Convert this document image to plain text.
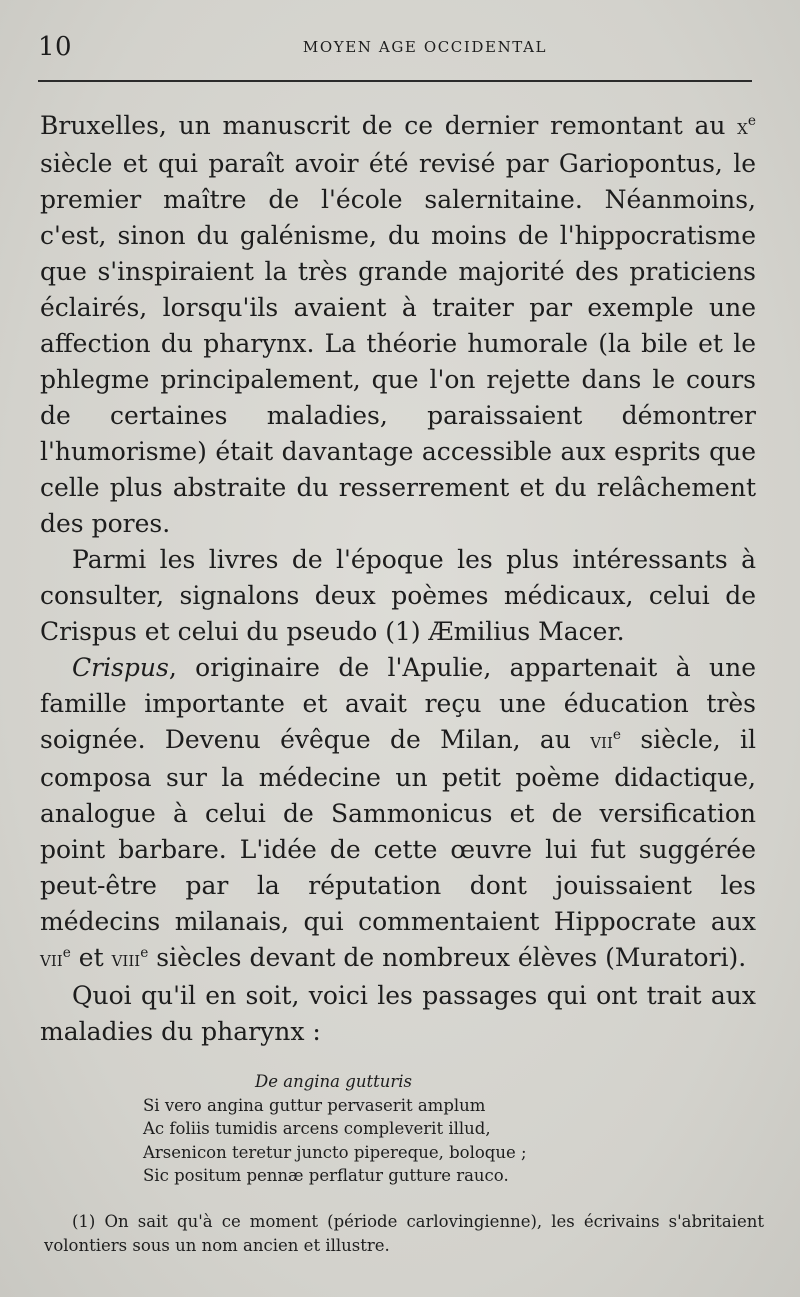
10	MOYEN AGE OCCIDENTAL

Bruxelles, un manuscrit de ce dernier remontant au $x^e$ siècle et qui paraît avoir été revisé par Gariopontus, le premier maître de l'école salernitaine. Néanmoins, c'est, sinon du galénisme, du moins de l'hippocratisme que s'inspiraient la très grande majorité des praticiens éclairés, lorsqu'ils avaient à traiter par exemple une affection du pharynx. La théorie humorale (la bile et le phlegme principalement, que l'on rejette dans le cours de certaines maladies, paraissaient démontrer l'humorisme) était davantage accessible aux esprits que celle plus abstraite du resserrement et du relâchement des pores.

Parmi les livres de l'époque les plus intéressants à consulter, signalons deux poèmes médicaux, celui de Crispus et celui du pseudo (1) Æmilius Macer.

Crispus, originaire de l'Apulie, appartenait à une famille importante et avait reçu une éducation très soignée. Devenu évêque de Milan, au vii$^e$ siècle, il composa sur la médecine un petit poème didactique, analogue à celui de Sammonicus et de versification point barbare. L'idée de cette œuvre lui fut suggérée peut-être par la réputation dont jouissaient les médecins milanais, qui commentaient Hippocrate aux vii$^e$ et viii$^e$ siècles devant de nombreux élèves (Muratori).

Quoi qu'il en soit, voici les passages qui ont trait aux maladies du pharynx :

De angina gutturis
Si vero angina guttur pervaserit amplum
Ac foliis tumidis arcens compleverit illud,
Arsenicon teretur juncto pipereque, boloque ;
Sic positum pennæ perflatur gutture rauco.
(1) On sait qu'à ce moment (période carlovingienne), les écrivains s'abritaient volontiers sous un nom ancien et illustre.
